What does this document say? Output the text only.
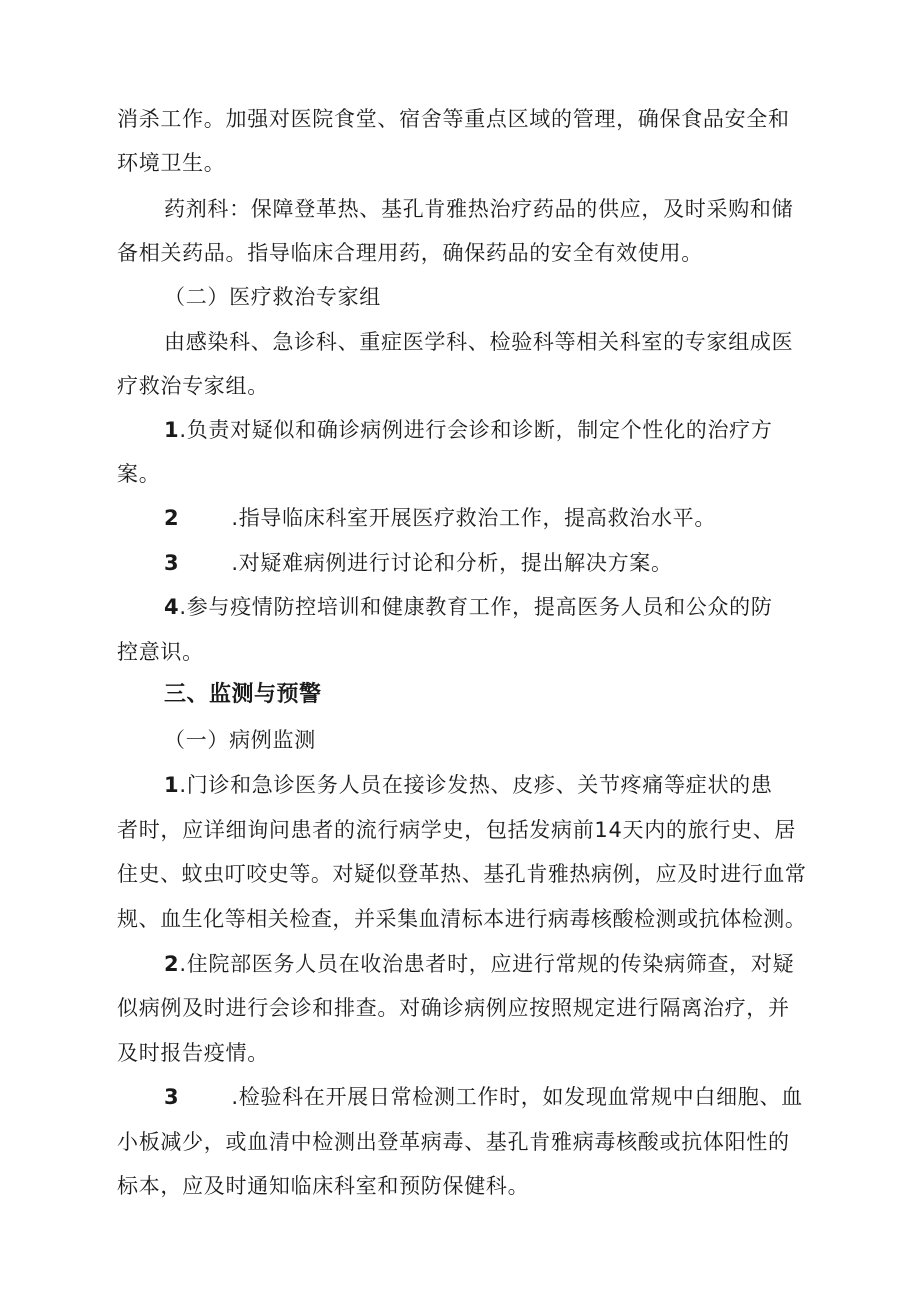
消杀工作。加强对医院食堂、宿舍等重点区域的管理，确保食品安全和
环境卫生。
药剂科：保障登革热、基孔肯雅热治疗药品的供应，及时采购和储
备相关药品。指导临床合理用药，确保药品的安全有效使用。
（二）医疗救治专家组
由感染科、急诊科、重症医学科、检验科等相关科室的专家组成医
疗救治专家组。
1.负责对疑似和确诊病例进行会诊和诊断，制定个性化的治疗方
案。
2 .指导临床科室开展医疗救治工作，提高救治水平。
3 .对疑难病例进行讨论和分析，提出解决方案。
4.参与疫情防控培训和健康教育工作，提高医务人员和公众的防
控意识。
三、监测与预警
（一）病例监测
1.门诊和急诊医务人员在接诊发热、皮疹、关节疼痛等症状的患
者时，应详细询问患者的流行病学史，包括发病前14天内的旅行史、居
住史、蚊虫叮咬史等。对疑似登革热、基孔肯雅热病例，应及时进行血常
规、血生化等相关检查，并采集血清标本进行病毒核酸检测或抗体检测。
2.住院部医务人员在收治患者时，应进行常规的传染病筛查，对疑
似病例及时进行会诊和排查。对确诊病例应按照规定进行隔离治疗，并
及时报告疫情。
3 .检验科在开展日常检测工作时，如发现血常规中白细胞、血
小板减少，或血清中检测出登革病毒、基孔肯雅病毒核酸或抗体阳性的
标本，应及时通知临床科室和预防保健科。
